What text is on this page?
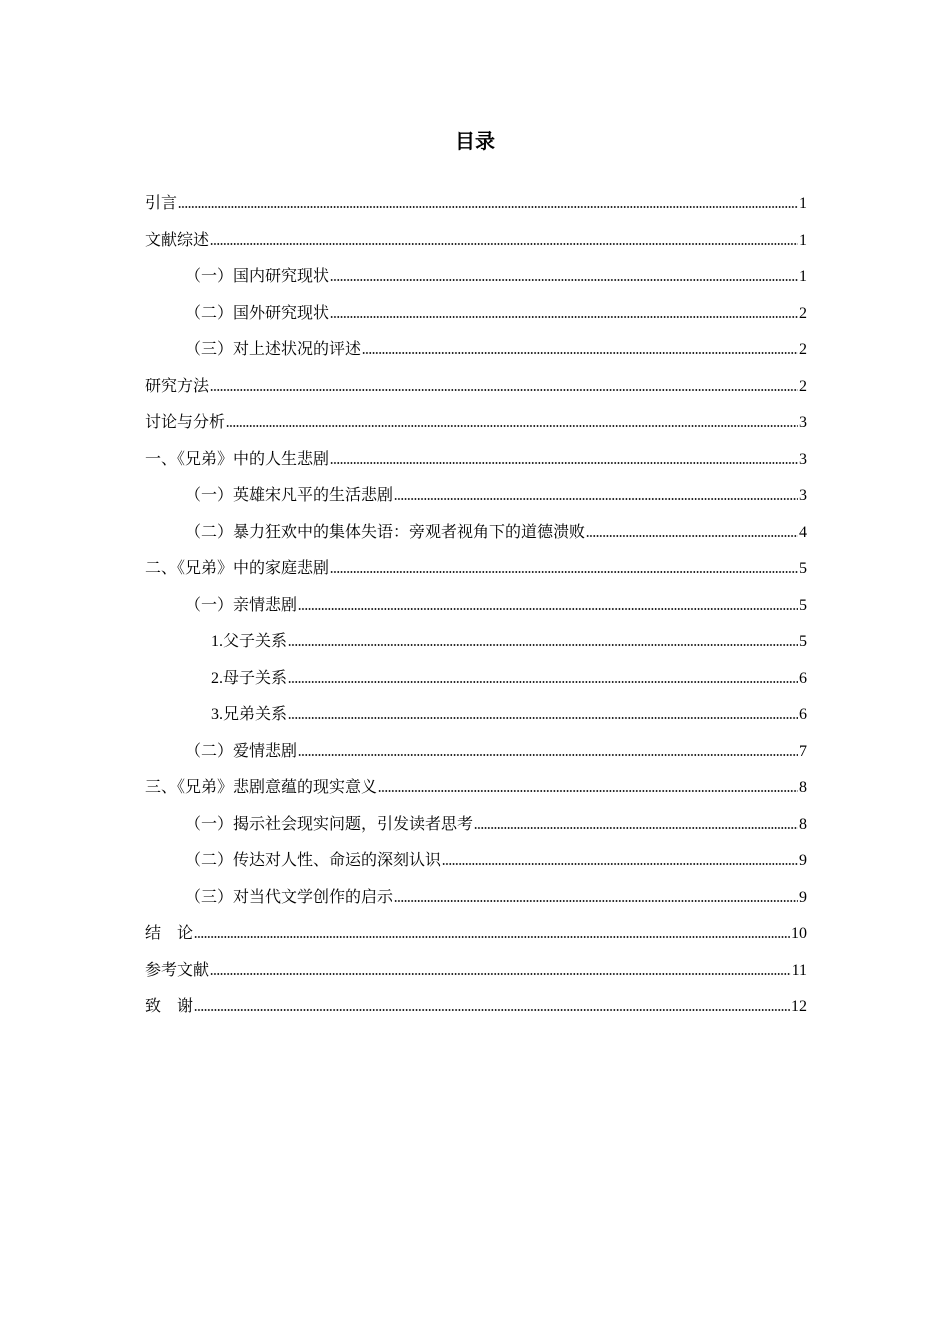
目录
引言	1
文献综述	1
（一）国内研究现状	1
（二）国外研究现状	2
（三）对上述状况的评述	2
研究方法	2
讨论与分析	3
一、《兄弟》中的人生悲剧	3
（一）英雄宋凡平的生活悲剧	3
（二）暴力狂欢中的集体失语：旁观者视角下的道德溃败	4
二、《兄弟》中的家庭悲剧	5
（一）亲情悲剧	5
1.父子关系	5
2.母子关系	6
3.兄弟关系	6
（二）爱情悲剧	7
三、《兄弟》悲剧意蕴的现实意义	8
（一）揭示社会现实问题，引发读者思考	8
（二）传达对人性、命运的深刻认识	9
（三）对当代文学创作的启示	9
结　论	10
参考文献	11
致　谢	12
